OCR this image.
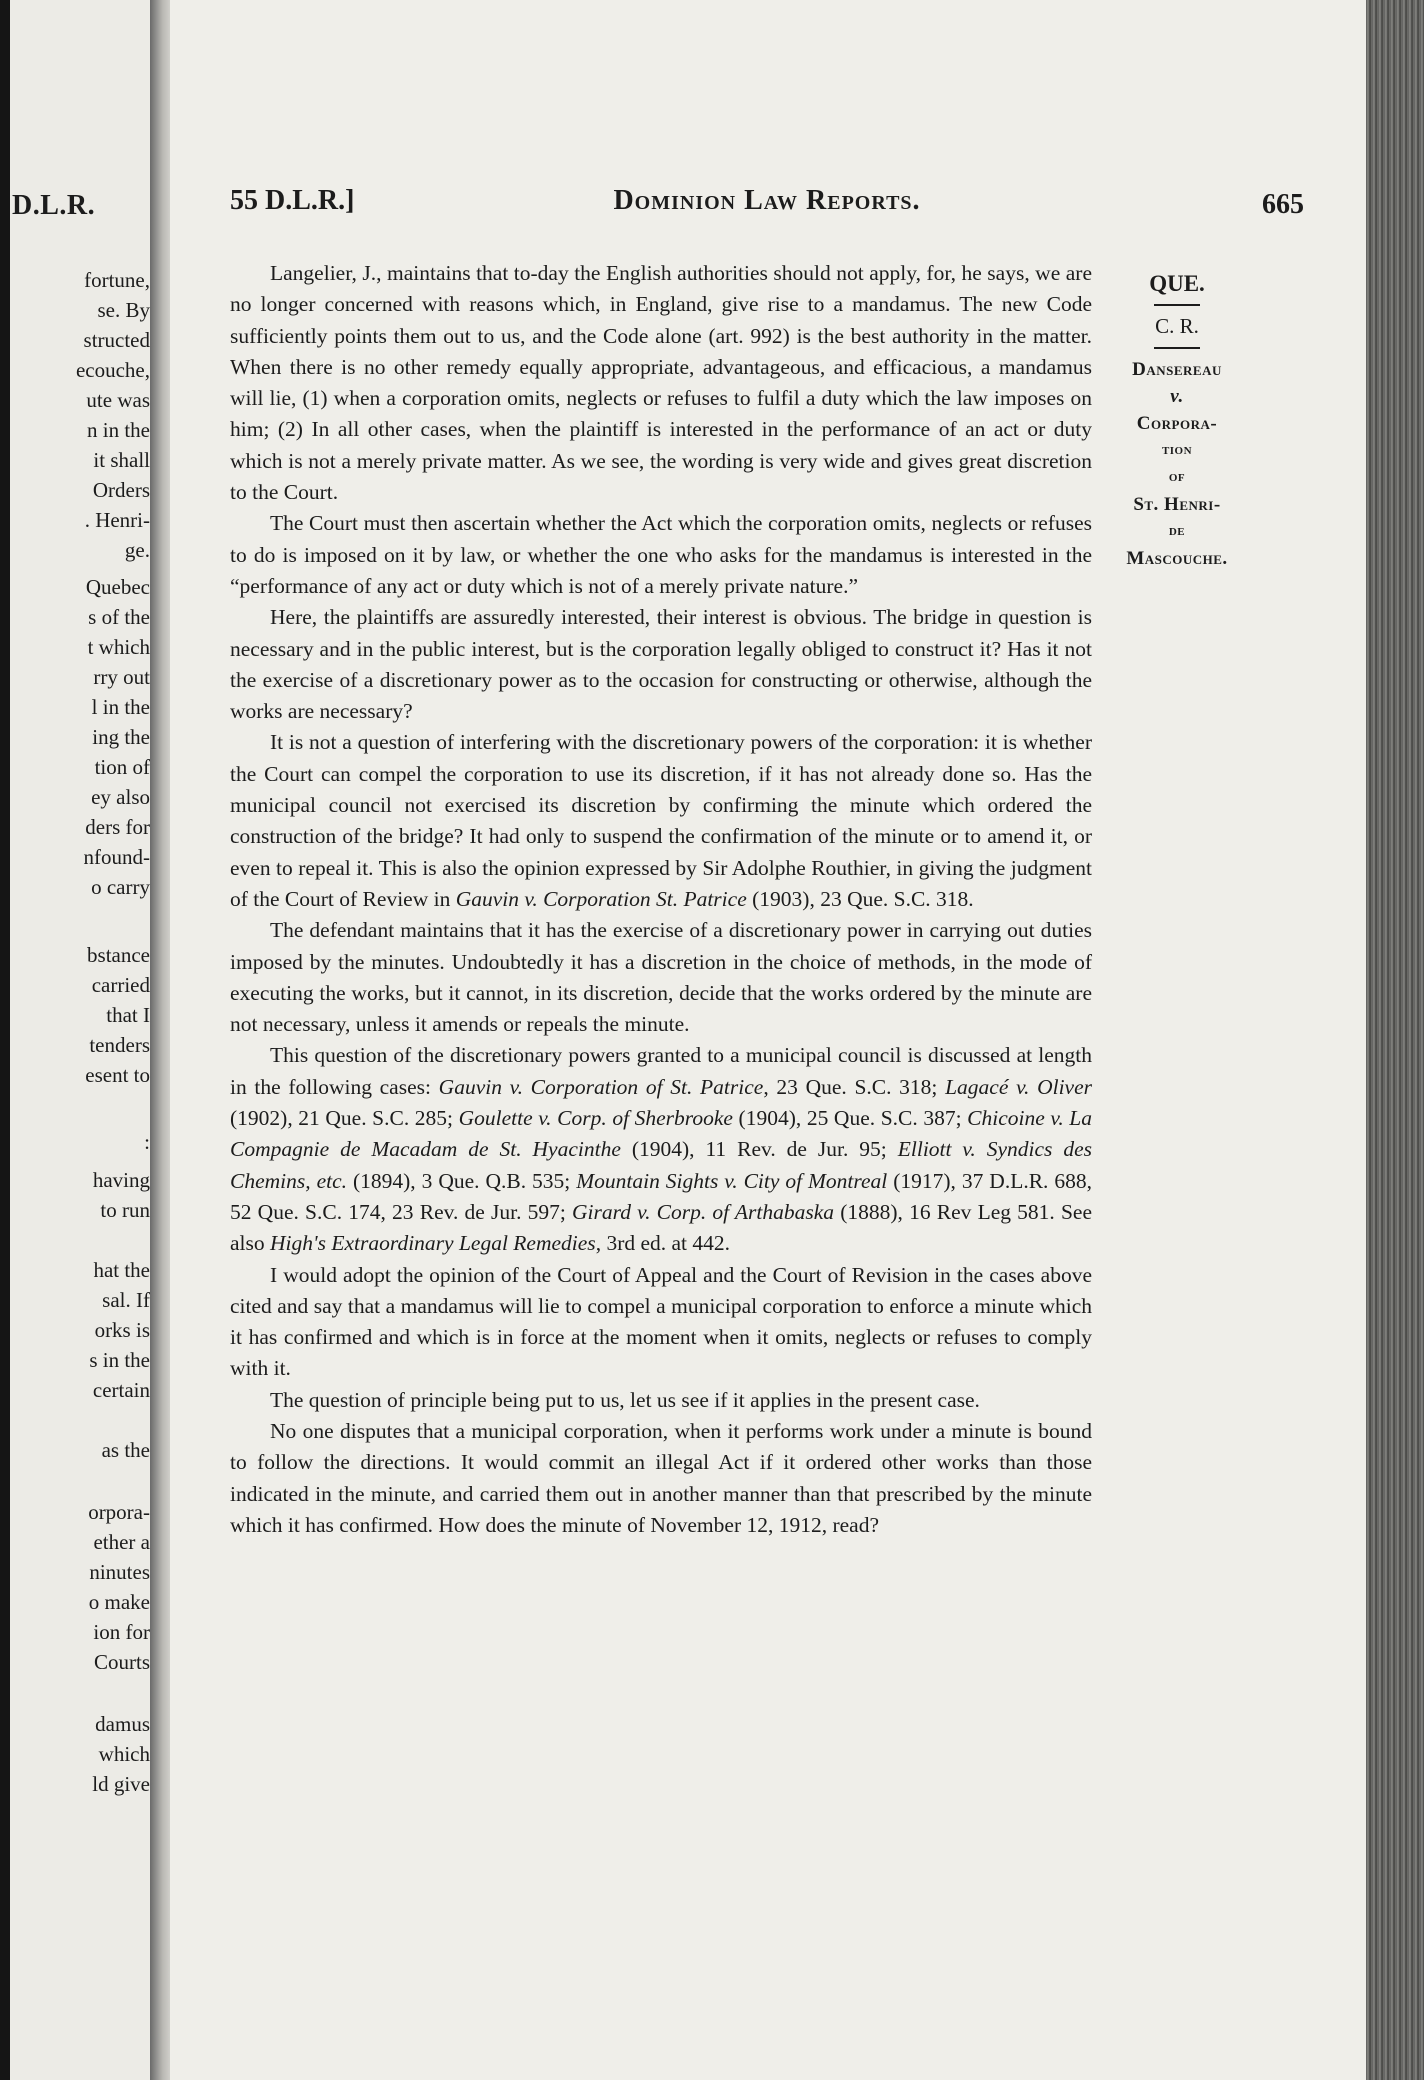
D.L.R.
fortune,
se. By
structed
ecouche,
ute was
n in the
it shall
Orders
. Henri-
ge.
Quebec
s of the
t which
rry out
l in the
ing the
tion of
ey also
ders for
nfound-
o carry
bstance
carried
that I
tenders
esent to
:
having
to run
hat the
sal. If
orks is
s in the
certain
as the
orpora-
ether a
ninutes
o make
ion for
Courts
damus
which
ld give
55 D.L.R.]	Dominion Law Reports.	665

Langelier, J., maintains that to-day the English authorities should not apply, for, he says, we are no longer concerned with reasons which, in England, give rise to a mandamus. The new Code sufficiently points them out to us, and the Code alone (art. 992) is the best authority in the matter. When there is no other remedy equally appropriate, advantageous, and efficacious, a mandamus will lie, (1) when a corporation omits, neglects or refuses to fulfil a duty which the law imposes on him; (2) In all other cases, when the plaintiff is interested in the performance of an act or duty which is not a merely private matter. As we see, the wording is very wide and gives great discretion to the Court.

The Court must then ascertain whether the Act which the corporation omits, neglects or refuses to do is imposed on it by law, or whether the one who asks for the mandamus is interested in the “performance of any act or duty which is not of a merely private nature.”

Here, the plaintiffs are assuredly interested, their interest is obvious. The bridge in question is necessary and in the public interest, but is the corporation legally obliged to construct it? Has it not the exercise of a discretionary power as to the occasion for constructing or otherwise, although the works are necessary?

It is not a question of interfering with the discretionary powers of the corporation: it is whether the Court can compel the corporation to use its discretion, if it has not already done so. Has the municipal council not exercised its discretion by confirming the minute which ordered the construction of the bridge? It had only to suspend the confirmation of the minute or to amend it, or even to repeal it. This is also the opinion expressed by Sir Adolphe Routhier, in giving the judgment of the Court of Review in Gauvin v. Corporation St. Patrice (1903), 23 Que. S.C. 318.

The defendant maintains that it has the exercise of a discretionary power in carrying out duties imposed by the minutes. Undoubtedly it has a discretion in the choice of methods, in the mode of executing the works, but it cannot, in its discretion, decide that the works ordered by the minute are not necessary, unless it amends or repeals the minute.

This question of the discretionary powers granted to a municipal council is discussed at length in the following cases: Gauvin v. Corporation of St. Patrice, 23 Que. S.C. 318; Lagacé v. Oliver (1902), 21 Que. S.C. 285; Goulette v. Corp. of Sherbrooke (1904), 25 Que. S.C. 387; Chicoine v. La Compagnie de Macadam de St. Hyacinthe (1904), 11 Rev. de Jur. 95; Elliott v. Syndics des Chemins, etc. (1894), 3 Que. Q.B. 535; Mountain Sights v. City of Montreal (1917), 37 D.L.R. 688, 52 Que. S.C. 174, 23 Rev. de Jur. 597; Girard v. Corp. of Arthabaska (1888), 16 Rev Leg 581. See also High's Extraordinary Legal Remedies, 3rd ed. at 442.

I would adopt the opinion of the Court of Appeal and the Court of Revision in the cases above cited and say that a mandamus will lie to compel a municipal corporation to enforce a minute which it has confirmed and which is in force at the moment when it omits, neglects or refuses to comply with it.

The question of principle being put to us, let us see if it applies in the present case.

No one disputes that a municipal corporation, when it performs work under a minute is bound to follow the directions. It would commit an illegal Act if it ordered other works than those indicated in the minute, and carried them out in another manner than that prescribed by the minute which it has confirmed. How does the minute of November 12, 1912, read?

QUE.
C. R.
Dansereau
v.
Corpora-
tion
of
St. Henri-
de
Mascouche.
